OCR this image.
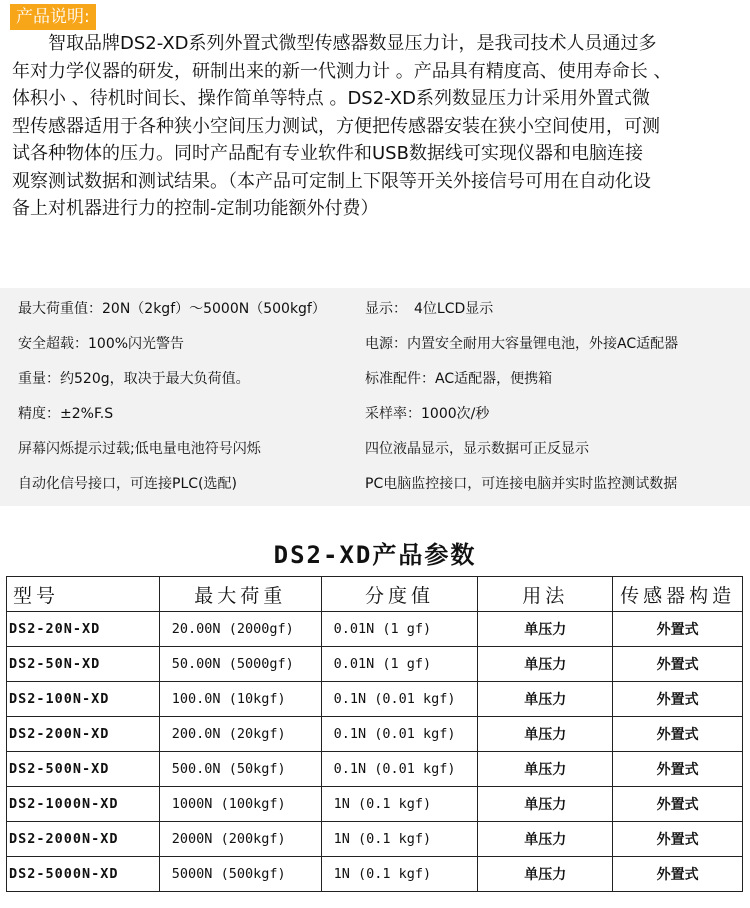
产品说明:
　　智取品牌DS2-XD系列外置式微型传感器数显压力计，是我司技术人员通过多
年对力学仪器的研发，研制出来的新一代测力计 。产品具有精度高、使用寿命长 、
体积小 、待机时间长、操作简单等特点 。DS2-XD系列数显压力计采用外置式微
型传感器适用于各种狭小空间压力测试，方便把传感器安装在狭小空间使用，可测
试各种物体的压力。同时产品配有专业软件和USB数据线可实现仪器和电脑连接
观察测试数据和测试结果。（本产品可定制上下限等开关外接信号可用在自动化设
备上对机器进行力的控制-定制功能额外付费）
最大荷重值：20N（2kgf）～5000N（500kgf）	显示：　4位LCD显示
安全超载：100%闪光警告	电源：内置安全耐用大容量锂电池，外接AC适配器
重量：约520g，取决于最大负荷值。	标准配件：AC适配器，便携箱
精度：±2%F.S	采样率：1000次/秒
屏幕闪烁提示过载;低电量电池符号闪烁	四位液晶显示，显示数据可正反显示
自动化信号接口，可连接PLC(选配)	PC电脑监控接口，可连接电脑并实时监控测试数据
DS2-XD产品参数
型号	最大荷重	分度值	用法	传感器构造
DS2-20N-XD	20.00N (2000gf)	0.01N (1 gf)	单压力	外置式
DS2-50N-XD	50.00N (5000gf)	0.01N (1 gf)	单压力	外置式
DS2-100N-XD	100.0N (10kgf)	0.1N (0.01 kgf)	单压力	外置式
DS2-200N-XD	200.0N (20kgf)	0.1N (0.01 kgf)	单压力	外置式
DS2-500N-XD	500.0N (50kgf)	0.1N (0.01 kgf)	单压力	外置式
DS2-1000N-XD	1000N (100kgf)	1N (0.1 kgf)	单压力	外置式
DS2-2000N-XD	2000N (200kgf)	1N (0.1 kgf)	单压力	外置式
DS2-5000N-XD	5000N (500kgf)	1N (0.1 kgf)	单压力	外置式
